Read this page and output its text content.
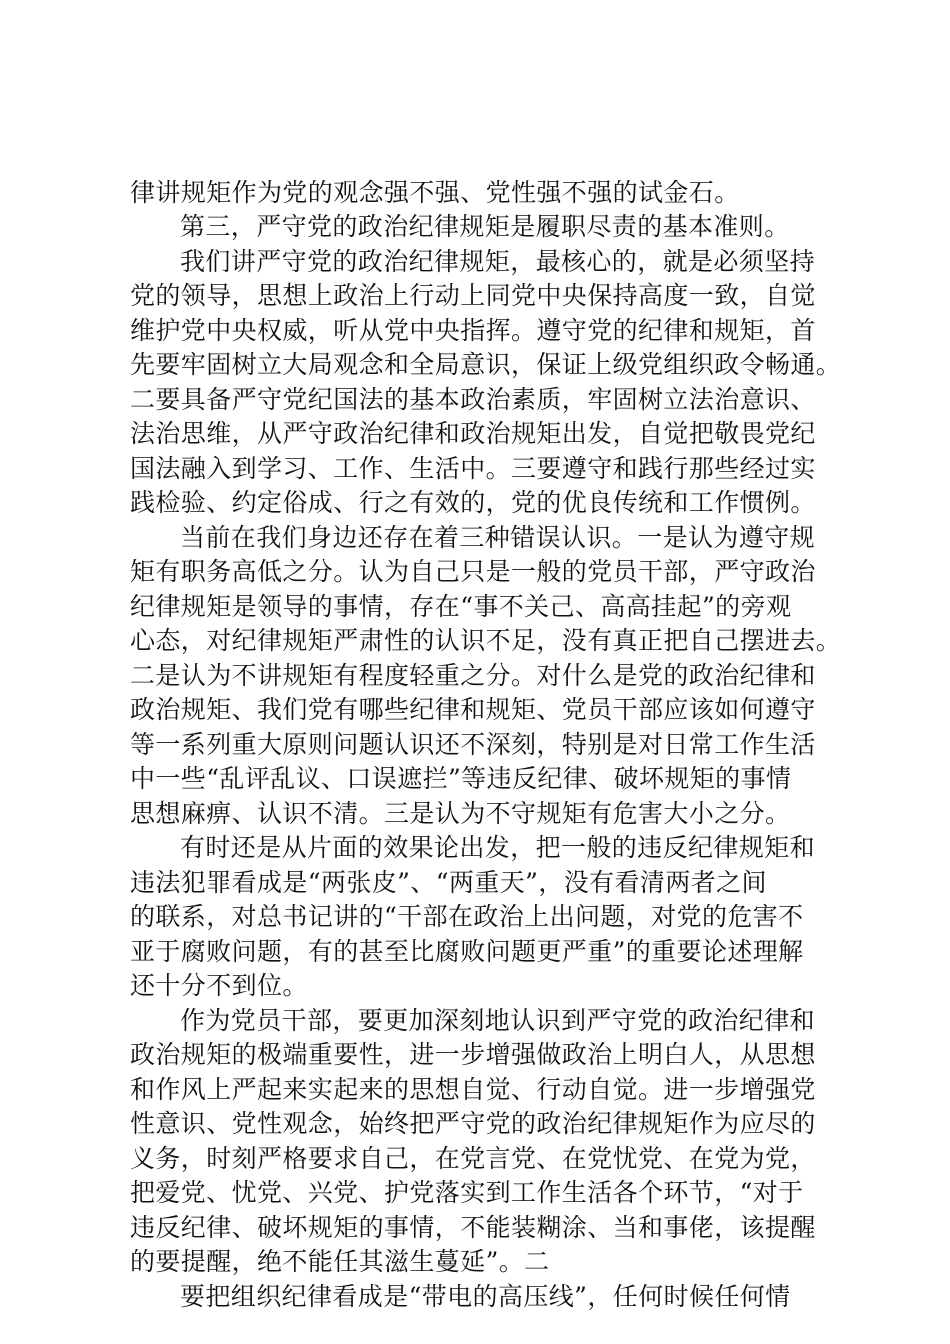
律讲规矩作为党的观念强不强、党性强不强的试金石。
第三，严守党的政治纪律规矩是履职尽责的基本准则。
我们讲严守党的政治纪律规矩，最核心的，就是必须坚持
党的领导，思想上政治上行动上同党中央保持高度一致，自觉
维护党中央权威，听从党中央指挥。遵守党的纪律和规矩，首
先要牢固树立大局观念和全局意识，保证上级党组织政令畅通。
二要具备严守党纪国法的基本政治素质，牢固树立法治意识、
法治思维，从严守政治纪律和政治规矩出发，自觉把敬畏党纪
国法融入到学习、工作、生活中。三要遵守和践行那些经过实
践检验、约定俗成、行之有效的，党的优良传统和工作惯例。
当前在我们身边还存在着三种错误认识。一是认为遵守规
矩有职务高低之分。认为自己只是一般的党员干部，严守政治
纪律规矩是领导的事情，存在“事不关己、高高挂起”的旁观
心态，对纪律规矩严肃性的认识不足，没有真正把自己摆进去。
二是认为不讲规矩有程度轻重之分。对什么是党的政治纪律和
政治规矩、我们党有哪些纪律和规矩、党员干部应该如何遵守
等一系列重大原则问题认识还不深刻，特别是对日常工作生活
中一些“乱评乱议、口误遮拦”等违反纪律、破坏规矩的事情
思想麻痹、认识不清。三是认为不守规矩有危害大小之分。
有时还是从片面的效果论出发，把一般的违反纪律规矩和
违法犯罪看成是“两张皮”、“两重天”，没有看清两者之间
的联系，对总书记讲的“干部在政治上出问题，对党的危害不
亚于腐败问题，有的甚至比腐败问题更严重”的重要论述理解
还十分不到位。
作为党员干部，要更加深刻地认识到严守党的政治纪律和
政治规矩的极端重要性，进一步增强做政治上明白人，从思想
和作风上严起来实起来的思想自觉、行动自觉。进一步增强党
性意识、党性观念，始终把严守党的政治纪律规矩作为应尽的
义务，时刻严格要求自己，在党言党、在党忧党、在党为党，
把爱党、忧党、兴党、护党落实到工作生活各个环节，“对于
违反纪律、破坏规矩的事情，不能装糊涂、当和事佬，该提醒
的要提醒，绝不能任其滋生蔓延”。二
要把组织纪律看成是“带电的高压线”，任何时候任何情
